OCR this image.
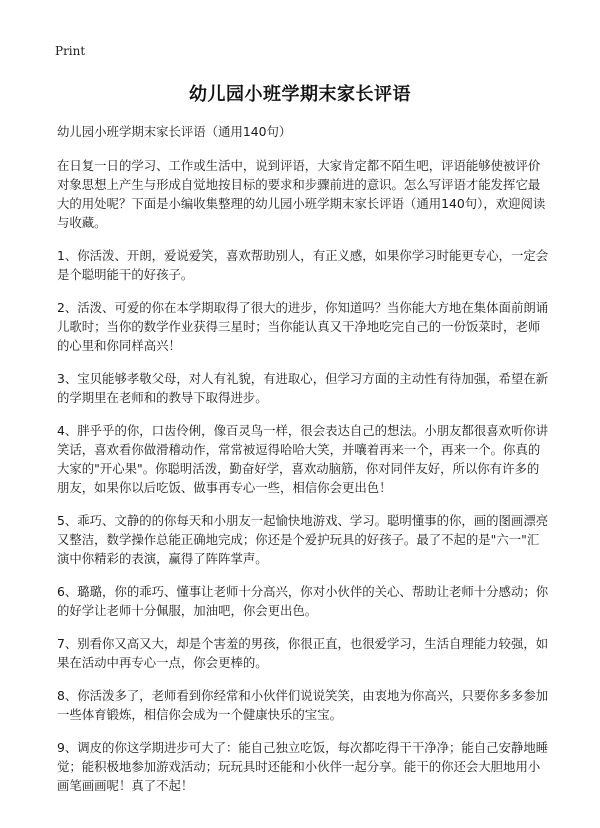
Print
幼儿园小班学期末家长评语

幼儿园小班学期末家长评语（通用140句）

在日复一日的学习、工作或生活中，说到评语，大家肯定都不陌生吧，评语能够使被评价对象思想上产生与形成自觉地按目标的要求和步骤前进的意识。怎么写评语才能发挥它最大的用处呢？下面是小编收集整理的幼儿园小班学期末家长评语（通用140句），欢迎阅读与收藏。

1、你活泼、开朗，爱说爱笑，喜欢帮助别人，有正义感，如果你学习时能更专心，一定会是个聪明能干的好孩子。

2、活泼、可爱的你在本学期取得了很大的进步，你知道吗？当你能大方地在集体面前朗诵儿歌时；当你的数学作业获得三星时；当你能认真又干净地吃完自己的一份饭菜时，老师的心里和你同样高兴！

3、宝贝能够孝敬父母，对人有礼貌，有进取心，但学习方面的主动性有待加强，希望在新的学期里在老师和的教导下取得进步。

4、胖乎乎的你，口齿伶俐，像百灵鸟一样，很会表达自己的想法。小朋友都很喜欢听你讲笑话，喜欢看你做滑稽动作，常常被逗得哈哈大笑，并嚷着再来一个，再来一个。你真的大家的"开心果"。你聪明活泼，勤奋好学，喜欢动脑筋，你对同伴友好，所以你有许多的朋友，如果你以后吃饭、做事再专心一些，相信你会更出色！

5、乖巧、文静的的你每天和小朋友一起愉快地游戏、学习。聪明懂事的你，画的图画漂亮又整洁，数学操作总能正确地完成；你还是个爱护玩具的好孩子。最了不起的是"六一"汇演中你精彩的表演，赢得了阵阵掌声。

6、璐璐，你的乖巧、懂事让老师十分高兴，你对小伙伴的关心、帮助让老师十分感动；你的好学让老师十分佩服，加油吧，你会更出色。

7、别看你又高又大，却是个害羞的男孩，你很正直，也很爱学习，生活自理能力较强，如果在活动中再专心一点，你会更棒的。

8、你活泼多了，老师看到你经常和小伙伴们说说笑笑，由衷地为你高兴，只要你多多参加一些体育锻炼，相信你会成为一个健康快乐的宝宝。

9、调皮的你这学期进步可大了：能自己独立吃饭，每次都吃得干干净净；能自己安静地睡觉；能积极地参加游戏活动；玩玩具时还能和小伙伴一起分享。能干的你还会大胆地用小画笔画画呢！真了不起！
